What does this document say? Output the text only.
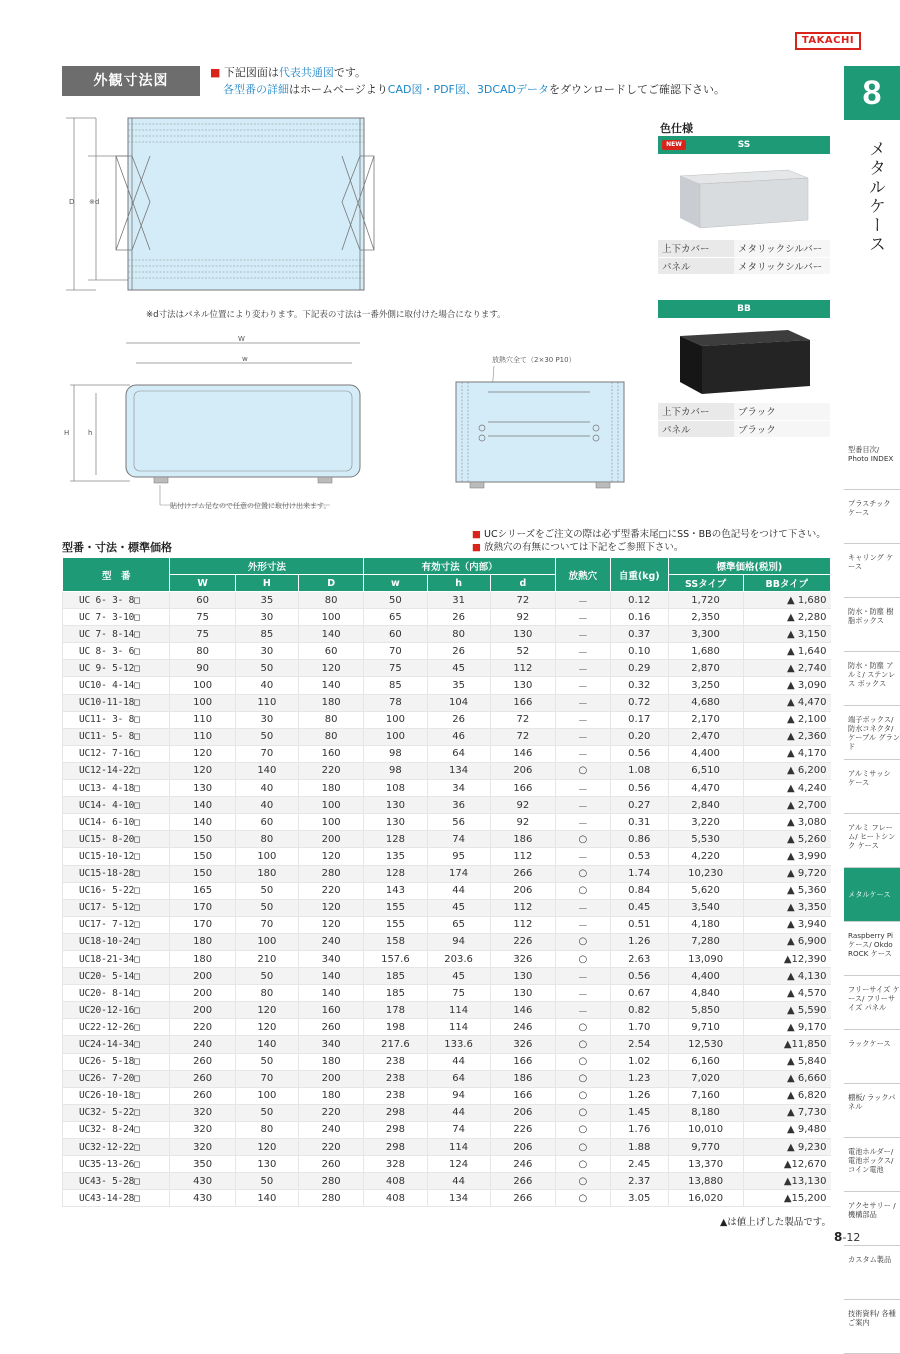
TAKACHI
8
メタルケース
型番目次/ Photo INDEX
プラスチック ケース
キャリング ケース
防水・防塵 樹脂ボックス
防水・防塵 アルミ/ ステンレス ボックス
端子ボックス/ 防水コネクタ/ ケーブル グランド
アルミサッシ ケース
アルミ フレーム/ ヒートシンク ケース
メタルケース
Raspberry Piケース/ Okdo ROCK ケース
フリーサイズ ケース/ フリーサイズ パネル
ラックケース
棚板/ ラックパネル
電池ホルダー/ 電池ボックス/ コイン電池
アクセサリー /機構部品
カスタム製品
技術資料/ 各種ご案内
外観寸法図
■ 下記図面は代表共通図です。
各型番の詳細はホームページよりCAD図・PDF図、3DCADデータをダウンロードしてご確認下さい。
D ※d
※d寸法はパネル位置により変わります。下記表の寸法は一番外側に取付けた場合になります。
W
w
H	h
貼付けゴム足なので任意の位置に取付け出来ます。
放熱穴全て（2×30 P10）
色仕様
NEW	SS
上下カバー	メタリックシルバー
パネル	メタリックシルバー
BB
上下カバー	ブラック
パネル	ブラック
■ UCシリーズをご注文の際は必ず型番末尾□にSS・BBの色記号をつけて下さい。
■ 放熱穴の有無については下記をご参照下さい。
型番・寸法・標準価格
型　番	外形寸法			有効寸法（内部）			放熱穴	自重(kg)	標準価格(税別)	
	W	H	D	w	h	d			SSタイプ	BBタイプ
UC 6- 3- 8□	60	35	80	50	31	72	－	0.12	1,720	▲ 1,680
UC 7- 3-10□	75	30	100	65	26	92	－	0.16	2,350	▲ 2,280
UC 7- 8-14□	75	85	140	60	80	130	－	0.37	3,300	▲ 3,150
UC 8- 3- 6□	80	30	60	70	26	52	－	0.10	1,680	▲ 1,640
UC 9- 5-12□	90	50	120	75	45	112	－	0.29	2,870	▲ 2,740
UC10- 4-14□	100	40	140	85	35	130	－	0.32	3,250	▲ 3,090
UC10-11-18□	100	110	180	78	104	166	－	0.72	4,680	▲ 4,470
UC11- 3- 8□	110	30	80	100	26	72	－	0.17	2,170	▲ 2,100
UC11- 5- 8□	110	50	80	100	46	72	－	0.20	2,470	▲ 2,360
UC12- 7-16□	120	70	160	98	64	146	－	0.56	4,400	▲ 4,170
UC12-14-22□	120	140	220	98	134	206	○	1.08	6,510	▲ 6,200
UC13- 4-18□	130	40	180	108	34	166	－	0.56	4,470	▲ 4,240
UC14- 4-10□	140	40	100	130	36	92	－	0.27	2,840	▲ 2,700
UC14- 6-10□	140	60	100	130	56	92	－	0.31	3,220	▲ 3,080
UC15- 8-20□	150	80	200	128	74	186	○	0.86	5,530	▲ 5,260
UC15-10-12□	150	100	120	135	95	112	－	0.53	4,220	▲ 3,990
UC15-18-28□	150	180	280	128	174	266	○	1.74	10,230	▲ 9,720
UC16- 5-22□	165	50	220	143	44	206	○	0.84	5,620	▲ 5,360
UC17- 5-12□	170	50	120	155	45	112	－	0.45	3,540	▲ 3,350
UC17- 7-12□	170	70	120	155	65	112	－	0.51	4,180	▲ 3,940
UC18-10-24□	180	100	240	158	94	226	○	1.26	7,280	▲ 6,900
UC18-21-34□	180	210	340	157.6	203.6	326	○	2.63	13,090	▲12,390
UC20- 5-14□	200	50	140	185	45	130	－	0.56	4,400	▲ 4,130
UC20- 8-14□	200	80	140	185	75	130	－	0.67	4,840	▲ 4,570
UC20-12-16□	200	120	160	178	114	146	－	0.82	5,850	▲ 5,590
UC22-12-26□	220	120	260	198	114	246	○	1.70	9,710	▲ 9,170
UC24-14-34□	240	140	340	217.6	133.6	326	○	2.54	12,530	▲11,850
UC26- 5-18□	260	50	180	238	44	166	○	1.02	6,160	▲ 5,840
UC26- 7-20□	260	70	200	238	64	186	○	1.23	7,020	▲ 6,660
UC26-10-18□	260	100	180	238	94	166	○	1.26	7,160	▲ 6,820
UC32- 5-22□	320	50	220	298	44	206	○	1.45	8,180	▲ 7,730
UC32- 8-24□	320	80	240	298	74	226	○	1.76	10,010	▲ 9,480
UC32-12-22□	320	120	220	298	114	206	○	1.88	9,770	▲ 9,230
UC35-13-26□	350	130	260	328	124	246	○	2.45	13,370	▲12,670
UC43- 5-28□	430	50	280	408	44	266	○	2.37	13,880	▲13,130
UC43-14-28□	430	140	280	408	134	266	○	3.05	16,020	▲15,200
▲は値上げした製品です。
8-12
